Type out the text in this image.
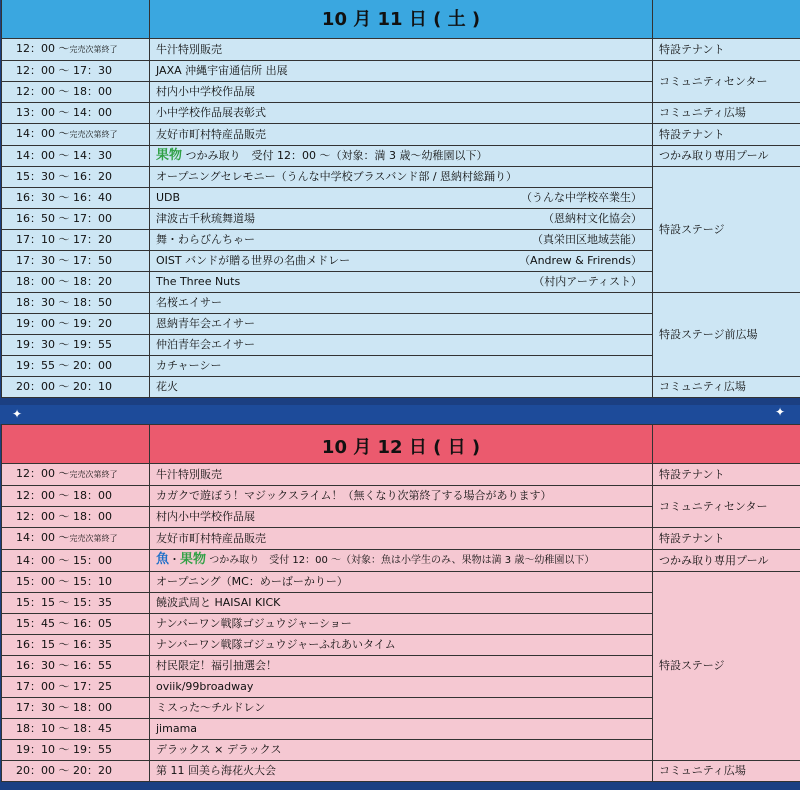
	10 月 11 日 ( 土 )	
12：00 〜完売次第終了	牛汁特別販売	特設テナント
12：00 〜 17：30	JAXA 沖縄宇宙通信所 出展	コミュニティセンター
12：00 〜 18：00	村内小中学校作品展	
13：00 〜 14：00	小中学校作品展表彰式	コミュニティ広場
14：00 〜完売次第終了	友好市町村特産品販売	特設テナント
14：00 〜 14：30	果物 つかみ取り　受付 12：00 〜（対象：満 3 歳〜幼稚園以下）	つかみ取り専用プール
15：30 〜 16：20	オープニングセレモニー（うんな中学校ブラスバンド部 / 恩納村総踊り）	特設ステージ
16：30 〜 16：40	UDB （うんな中学校卒業生）	

16：50 〜 17：00	津波古千秋琉舞道場 （恩納村文化協会）	

17：10 〜 17：20	舞・わらびんちゃー （真栄田区地域芸能）	

17：30 〜 17：50	OIST バンドが贈る世界の名曲メドレー （Andrew & Frirends）	

18：00 〜 18：20	The Three Nuts （村内アーティスト）	

18：30 〜 18：50	名桜エイサー	特設ステージ前広場
19：00 〜 19：20	恩納青年会エイサー	
19：30 〜 19：55	仲泊青年会エイサー	
19：55 〜 20：00	カチャーシー	
20：00 〜 20：10	花火	コミュニティ広場
✦	✦
	10 月 12 日 ( 日 )	
12：00 〜完売次第終了	牛汁特別販売	特設テナント
12：00 〜 18：00	カガクで遊ぼう！マジックスライム！（無くなり次第終了する場合があります）	コミュニティセンター
12：00 〜 18：00	村内小中学校作品展	
14：00 〜完売次第終了	友好市町村特産品販売	特設テナント
14：00 〜 15：00	魚・果物 つかみ取り　受付 12：00 〜（対象：魚は小学生のみ、果物は満 3 歳〜幼稚園以下）	つかみ取り専用プール
15：00 〜 15：10	オープニング（MC：めーばーかりー）	特設ステージ
15：15 〜 15：35	饒波武周と HAISAI KICK	
15：45 〜 16：05	ナンバーワン戦隊ゴジュウジャーショー	
16：15 〜 16：35	ナンバーワン戦隊ゴジュウジャーふれあいタイム	
16：30 〜 16：55	村民限定！福引抽選会！	
17：00 〜 17：25	oviik/99broadway	
17：30 〜 18：00	ミスった〜チルドレン	
18：10 〜 18：45	jimama	
19：10 〜 19：55	デラックス × デラックス	
20：00 〜 20：20	第 11 回美ら海花火大会	コミュニティ広場
